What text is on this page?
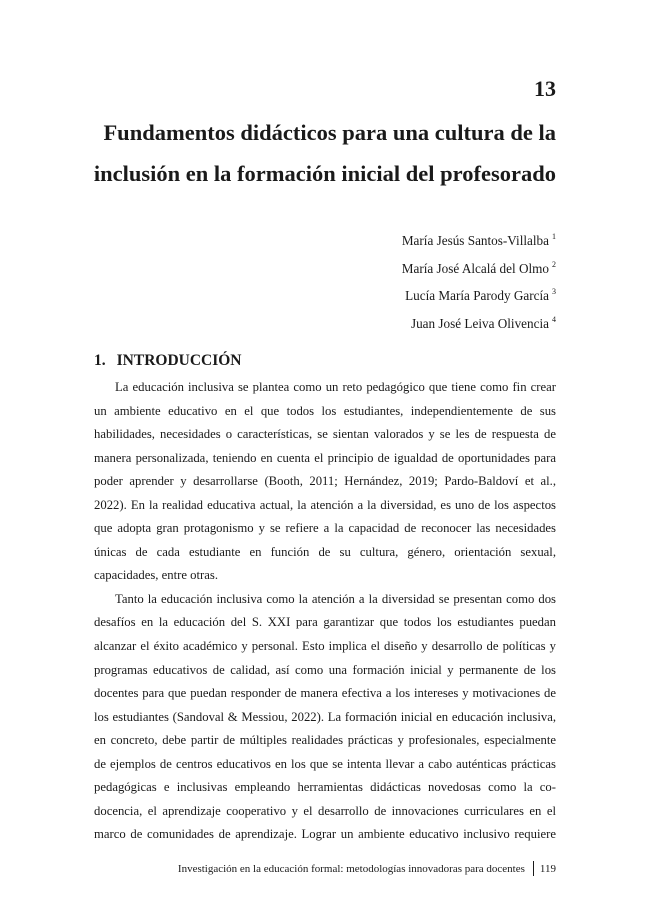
13
Fundamentos didácticos para una cultura de la
inclusión en la formación inicial del profesorado
María Jesús Santos-Villalba $^1$
María José Alcalá del Olmo $^2$
Lucía María Parody García $^3$
Juan José Leiva Olivencia $^4$
1. INTRODUCCIÓN

La educación inclusiva se plantea como un reto pedagógico que tiene como fin crear
un ambiente educativo en el que todos los estudiantes, independientemente de sus
habilidades, necesidades o características, se sientan valorados y se les de respuesta de
manera personalizada, teniendo en cuenta el principio de igualdad de oportunidades para
poder aprender y desarrollarse (Booth, 2011; Hernández, 2019; Pardo-Baldoví et al.,
2022). En la realidad educativa actual, la atención a la diversidad, es uno de los aspectos
que adopta gran protagonismo y se refiere a la capacidad de reconocer las necesidades
únicas de cada estudiante en función de su cultura, género, orientación sexual,
capacidades, entre otras.

Tanto la educación inclusiva como la atención a la diversidad se presentan como dos
desafíos en la educación del S. XXI para garantizar que todos los estudiantes puedan
alcanzar el éxito académico y personal. Esto implica el diseño y desarrollo de políticas y
programas educativos de calidad, así como una formación inicial y permanente de los
docentes para que puedan responder de manera efectiva a los intereses y motivaciones de
los estudiantes (Sandoval & Messiou, 2022). La formación inicial en educación inclusiva,
en concreto, debe partir de múltiples realidades prácticas y profesionales, especialmente
de ejemplos de centros educativos en los que se intenta llevar a cabo auténticas prácticas
pedagógicas e inclusivas empleando herramientas didácticas novedosas como la co-
docencia, el aprendizaje cooperativo y el desarrollo de innovaciones curriculares en el
marco de comunidades de aprendizaje. Lograr un ambiente educativo inclusivo requiere

Investigación en la educación formal: metodologías innovadoras para docentes 119
